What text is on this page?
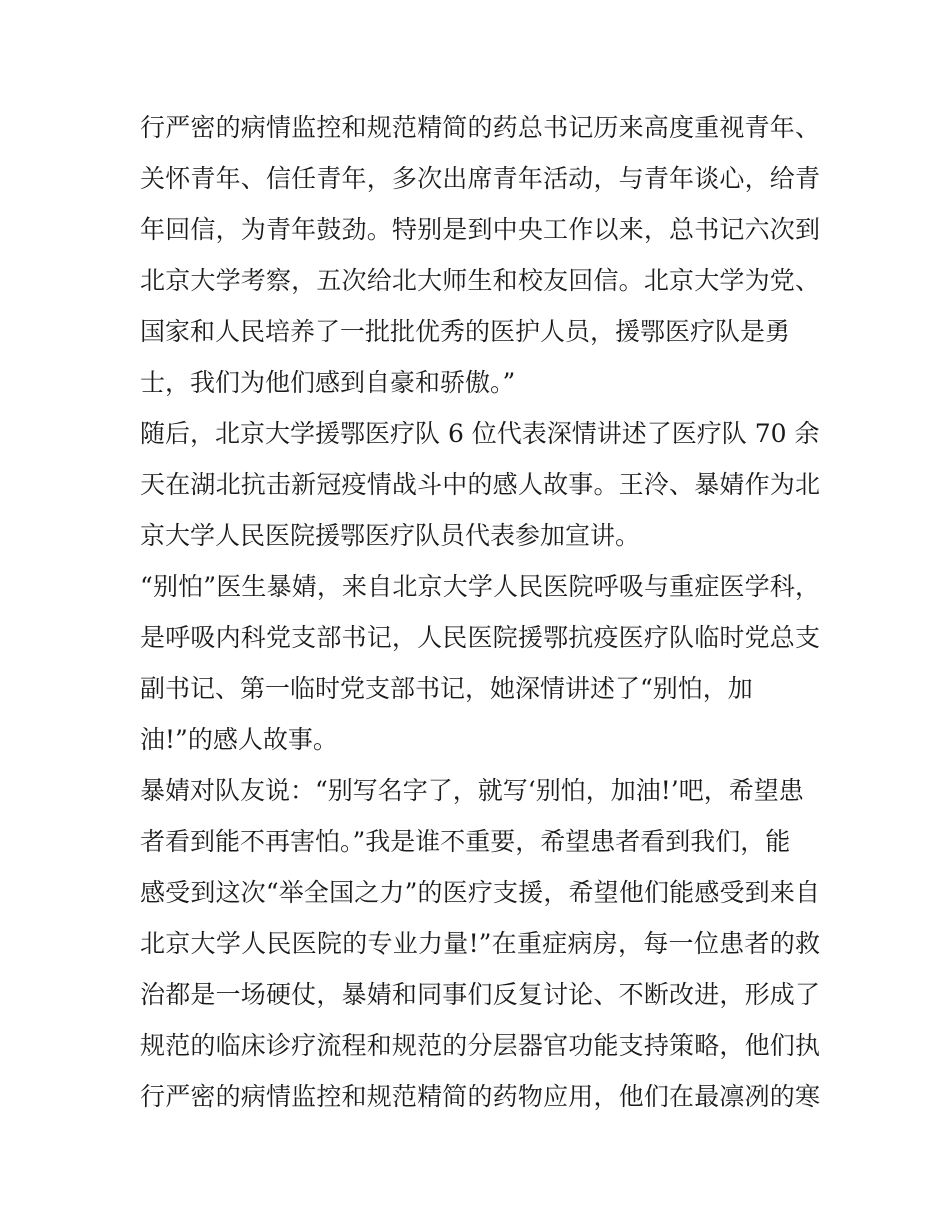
行严密的病情监控和规范精简的药总书记历来高度重视青年、
关怀青年、信任青年，多次出席青年活动，与青年谈心，给青
年回信，为青年鼓劲。特别是到中央工作以来，总书记六次到
北京大学考察，五次给北大师生和校友回信。北京大学为党、
国家和人民培养了一批批优秀的医护人员，援鄂医疗队是勇
士，我们为他们感到自豪和骄傲。”
随后，北京大学援鄂医疗队 6 位代表深情讲述了医疗队 70 余
天在湖北抗击新冠疫情战斗中的感人故事。王泠、暴婧作为北
京大学人民医院援鄂医疗队员代表参加宣讲。
“别怕”医生暴婧，来自北京大学人民医院呼吸与重症医学科，
是呼吸内科党支部书记，人民医院援鄂抗疫医疗队临时党总支
副书记、第一临时党支部书记，她深情讲述了“别怕，加
油!”的感人故事。
暴婧对队友说：“别写名字了，就写‘别怕，加油!’吧，希望患
者看到能不再害怕。”我是谁不重要，希望患者看到我们，能
感受到这次“举全国之力”的医疗支援，希望他们能感受到来自
北京大学人民医院的专业力量!”在重症病房，每一位患者的救
治都是一场硬仗，暴婧和同事们反复讨论、不断改进，形成了
规范的临床诊疗流程和规范的分层器官功能支持策略，他们执
行严密的病情监控和规范精简的药物应用，他们在最凛冽的寒
